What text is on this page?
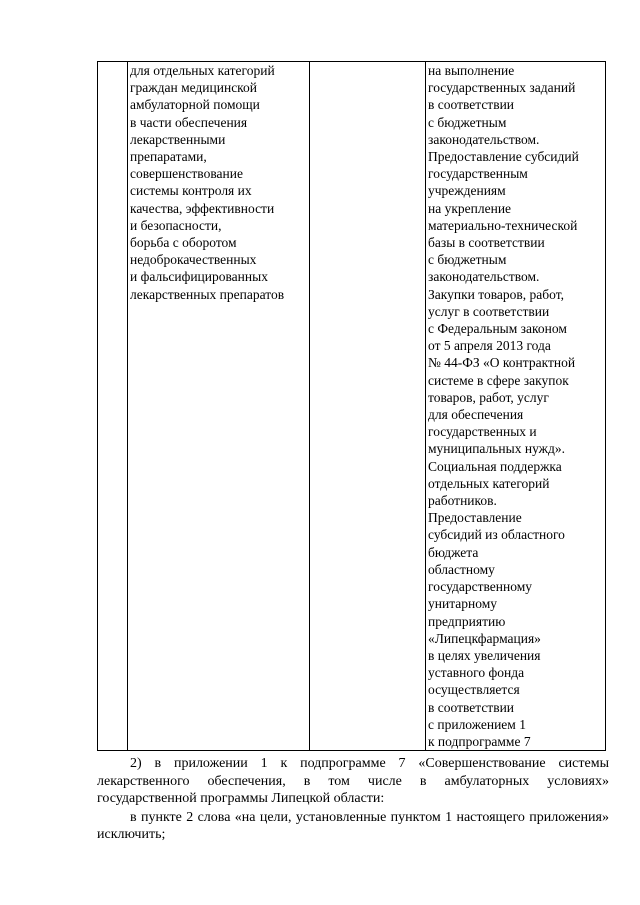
для отдельных категорий
граждан медицинской
амбулаторной помощи
в части обеспечения
лекарственными
препаратами,
совершенствование
системы контроля их
качества, эффективности
и безопасности,
борьба с оборотом
недоброкачественных
и фальсифицированных
лекарственных препаратов

на выполнение
государственных заданий
в соответствии
с бюджетным
законодательством.
Предоставление субсидий
государственным
учреждениям
на укрепление
материально-технической
базы в соответствии
с бюджетным
законодательством.
Закупки товаров, работ,
услуг в соответствии
с Федеральным законом
от 5 апреля 2013 года
№ 44-ФЗ «О контрактной
системе в сфере закупок
товаров, работ, услуг
для обеспечения
государственных и
муниципальных нужд».
Социальная поддержка
отдельных категорий
работников.
Предоставление
субсидий из областного
бюджета
областному
государственному
унитарному
предприятию
«Липецкфармация»
в целях увеличения
уставного фонда
осуществляется
в соответствии
с приложением 1
к подпрограмме 7

2) в приложении 1 к подпрограмме 7 «Совершенствование системы лекарственного обеспечения, в том числе в амбулаторных условиях» государственной программы Липецкой области:

в пункте 2 слова «на цели, установленные пунктом 1 настоящего приложения» исключить;
